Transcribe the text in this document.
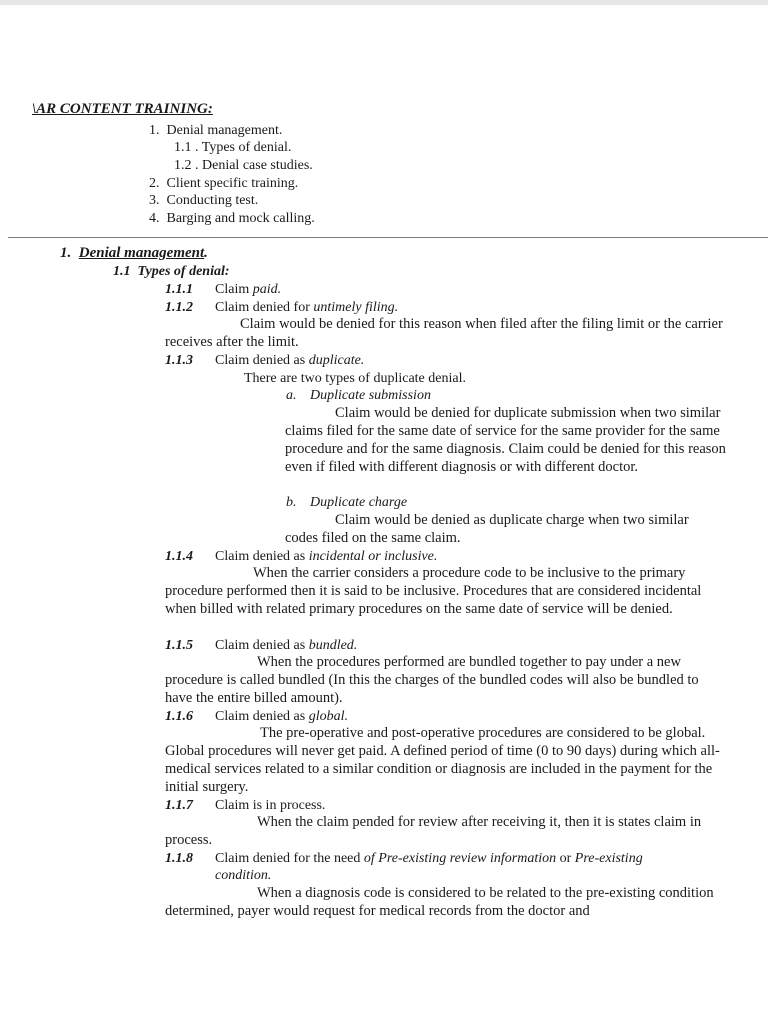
\AR CONTENT TRAINING:
1. Denial management.
1.1 . Types of denial.
1.2 . Denial case studies.
2. Client specific training.
3. Conducting test.
4. Barging and mock calling.
1. Denial management.
1.1 Types of denial:
1.1.1 Claim paid.
1.1.2 Claim denied for untimely filing.
Claim would be denied for this reason when filed after the filing limit or the carrier receives after the limit.
1.1.3 Claim denied as duplicate.
There are two types of duplicate denial.
a. Duplicate submission
Claim would be denied for duplicate submission when two similar claims filed for the same date of service for the same provider for the same procedure and for the same diagnosis. Claim could be denied for this reason even if filed with different diagnosis or with different doctor.
b. Duplicate charge
Claim would be denied as duplicate charge when two similar codes filed on the same claim.
1.1.4 Claim denied as incidental or inclusive.
When the carrier considers a procedure code to be inclusive to the primary procedure performed then it is said to be inclusive. Procedures that are considered incidental when billed with related primary procedures on the same date of service will be denied.
1.1.5 Claim denied as bundled.
When the procedures performed are bundled together to pay under a new procedure is called bundled (In this the charges of the bundled codes will also be bundled to have the entire billed amount).
1.1.6 Claim denied as global.
The pre-operative and post-operative procedures are considered to be global. Global procedures will never get paid. A defined period of time (0 to 90 days) during which all-medical services related to a similar condition or diagnosis are included in the payment for the initial surgery.
1.1.7 Claim is in process.
When the claim pended for review after receiving it, then it is states claim in process.
1.1.8 Claim denied for the need of Pre-existing review information or Pre-existing
condition.
When a diagnosis code is considered to be related to the pre-existing condition determined, payer would request for medical records from the doctor and
